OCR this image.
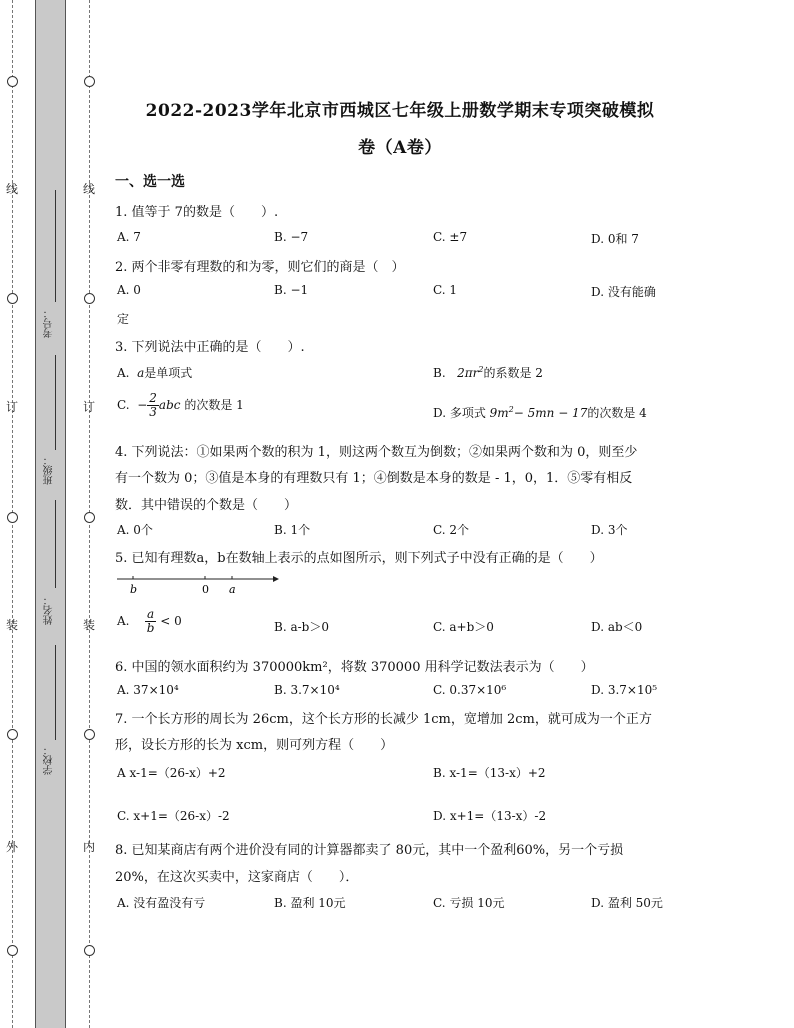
线
订
装
外
线
订
装
内
考号：
班级：
姓名：
学校：
2022-2023学年北京市西城区七年级上册数学期末专项突破模拟
卷（A卷）
一、选一选
1. 值等于 7的数是（　　）.
A. 7	B. −7	C. ±7	D. 0和 7
2. 两个非零有理数的和为零，则它们的商是（　）
A. 0	B. −1	C. 1	D. 没有能确
定
3. 下列说法中正确的是（　　）.
A.  a是单项式	B. $2\pi r^2$的系数是 2
C. − $\frac{2}{3}$ abc 的次数是 1
D. 多项式 $9m^2- 5mn - 17$的次数是 4
4. 下列说法：①如果两个数的积为 1，则这两个数互为倒数；②如果两个数和为 0，则至少
有一个数为 0；③值是本身的有理数只有 1；④倒数是本身的数是 - 1，0，1．⑤零有相反
数．其中错误的个数是（　　）
A. 0个	B. 1个	C. 2个	D. 3个
5. 已知有理数a，b在数轴上表示的点如图所示，则下列式子中没有正确的是（　　）
b	0 a
A. $\frac{a}{b} < 0$	B. a-b＞0	C. a+b＞0	D. ab＜0
6. 中国的领水面积约为 370000km²，将数 370000 用科学记数法表示为（　　）
A. 37×10⁴	B. 3.7×10⁴	C. 0.37×10⁶	D. 3.7×10⁵
7. 一个长方形的周长为 26cm，这个长方形的长减少 1cm，宽增加 2cm，就可成为一个正方
形，设长方形的长为 xcm，则可列方程（　　）
A x-1=（26-x）+2	B. x-1=（13-x）+2
C. x+1=（26-x）-2	D. x+1=（13-x）-2
8. 已知某商店有两个进价没有同的计算器都卖了 80元，其中一个盈利60%，另一个亏损
20%，在这次买卖中，这家商店（　　）．
A. 没有盈没有亏	B. 盈利 10元	C. 亏损 10元	D. 盈利 50元
